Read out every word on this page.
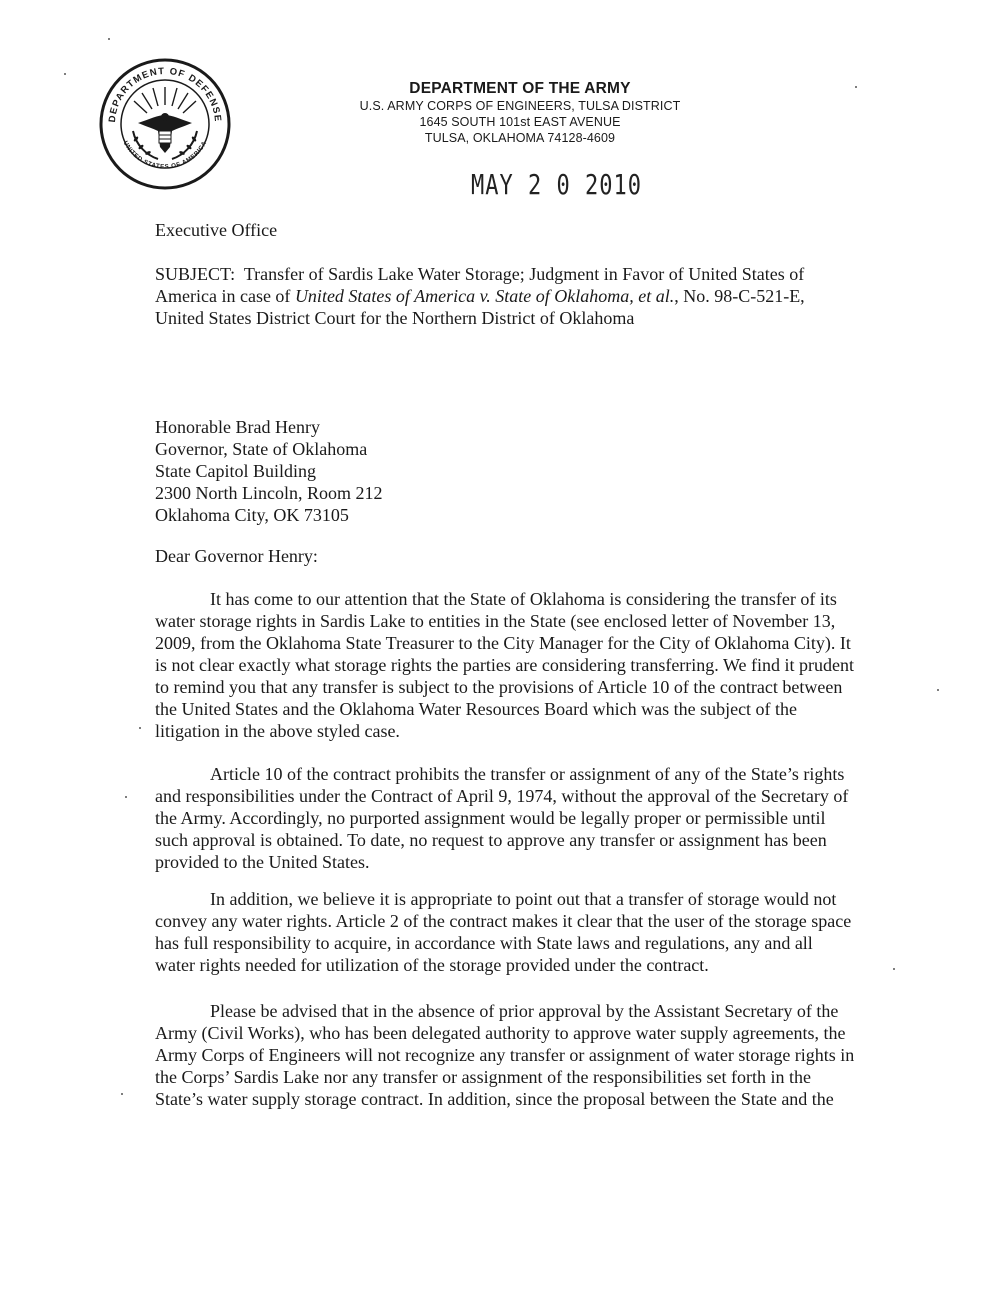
DEPARTMENT OF DEFENSE
UNITED STATES OF AMERICA
DEPARTMENT OF THE ARMY
U.S. ARMY CORPS OF ENGINEERS, TULSA DISTRICT
1645 SOUTH 101st EAST AVENUE
TULSA, OKLAHOMA 74128-4609
MAY 2 0 2010
Executive Office

SUBJECT: Transfer of Sardis Lake Water Storage; Judgment in Favor of United States of

America in case of United States of America v. State of Oklahoma, et al., No. 98-C-521-E,

United States District Court for the Northern District of Oklahoma

Honorable Brad Henry
Governor, State of Oklahoma
State Capitol Building
2300 North Lincoln, Room 212
Oklahoma City, OK 73105
Dear Governor Henry:
It has come to our attention that the State of Oklahoma is considering the transfer of its
water storage rights in Sardis Lake to entities in the State (see enclosed letter of November 13,
2009, from the Oklahoma State Treasurer to the City Manager for the City of Oklahoma City). It
is not clear exactly what storage rights the parties are considering transferring. We find it prudent
to remind you that any transfer is subject to the provisions of Article 10 of the contract between
the United States and the Oklahoma Water Resources Board which was the subject of the
litigation in the above styled case.
Article 10 of the contract prohibits the transfer or assignment of any of the State’s rights
and responsibilities under the Contract of April 9, 1974, without the approval of the Secretary of
the Army. Accordingly, no purported assignment would be legally proper or permissible until
such approval is obtained. To date, no request to approve any transfer or assignment has been
provided to the United States.
In addition, we believe it is appropriate to point out that a transfer of storage would not
convey any water rights. Article 2 of the contract makes it clear that the user of the storage space
has full responsibility to acquire, in accordance with State laws and regulations, any and all
water rights needed for utilization of the storage provided under the contract.
Please be advised that in the absence of prior approval by the Assistant Secretary of the
Army (Civil Works), who has been delegated authority to approve water supply agreements, the
Army Corps of Engineers will not recognize any transfer or assignment of water storage rights in
the Corps’ Sardis Lake nor any transfer or assignment of the responsibilities set forth in the
State’s water supply storage contract. In addition, since the proposal between the State and the
